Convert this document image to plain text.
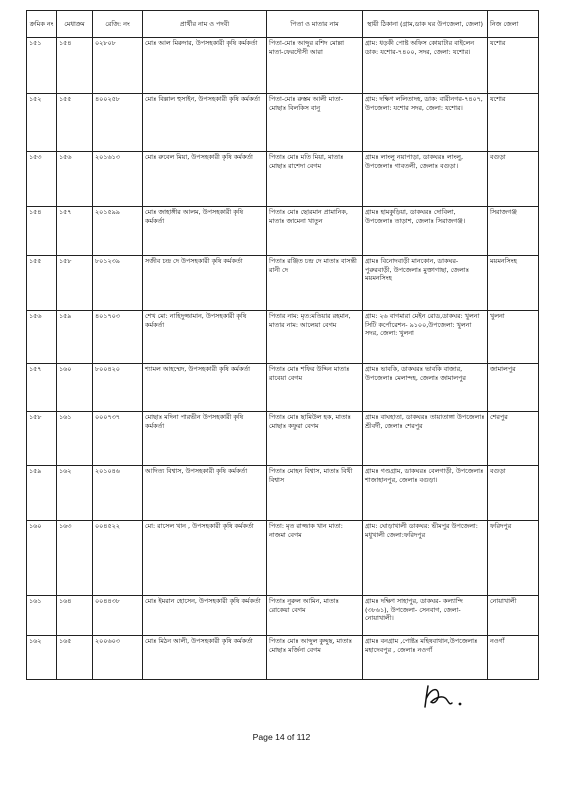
ক্রমিক নং	মেধাক্রম	রেজি: নং	প্রার্থীর নাম ও পদবী	পিতা ও মাতার নাম	স্থায়ী ঠিকানা (গ্রাম,ডাক ঘর উপজেলা, জেলা)	নিজ জেলা
১৫১	১৫৪	০২৮০৮	মোঃ আল মিরুদার, উপসহকারী কৃষি কর্মকর্তা	পিতা-মোঃ আব্দুর রশিদ মোল্লা মাতা-ফেরদৌসী আরা	গ্রাম: ধড়কী পোষ্ট অফিস কোয়াটার বাইলেন ডাক: যশোর-৭৪০০, সদর, জেলা: যশোর।	যশোর
১৫২	১৫৫	৪০০২৫৮	মোঃ বিল্লাল হুসাইন, উপসহকারী কৃষি কর্মকর্তা	পিতা-মোঃ রুস্তম আলী মাতা-মোছাঃ বিলকিস বানু	গ্রাম: দক্ষিণ ললিতাদহ, ডাক: বারীনগর-৭৪০৭, উপজেলা: যশোর সদর, জেলা: যশোর।	যশোর
১৫৩	১৫৬	২০১৬১৩	মোঃ রুবেল মিয়া, উপসহকারী কৃষি কর্মকর্তা	পিতাঃ মোঃ মতি মিয়া, মাতাঃ মোছাঃ রাশেদা বেগম	গ্রামঃ লাংলু নয়াপাড়া, ডাকঘরঃ লাংলু, উপজেলাঃ গাবতলী, জেলাঃ বগুড়া।	বগুড়া
১৫৪	১৫৭	২০১৫৯৯	মোঃ জাহাঙ্গীর আলম, উপসহকারী কৃষি কর্মকর্তা	পিতাঃ মোঃ ছোরমান প্রামানিক, মাতাঃ জামেনা খাতুন	গ্রামঃ হামকুড়িয়া, ডাকঘরঃ দোবিলা, উপজেলাঃ তাড়াশ, জেলাঃ সিরাজগঞ্জ।	সিরাজগঞ্জ
১৫৫	১৫৮	৮০১২৩৯	সজীব চন্দ্র দে উপসহকারী কৃষি কর্মকর্তা	পিতাঃ রঞ্জিত চন্দ্র দে মাতাঃ বাসন্তী রানী দে	গ্রামঃ বিনোদবাড়ী মানকোন, ডাকঘর- পুরুরবাড়ী, উপজেলাঃ মুক্তাগাছা, জেলাঃ ময়মনসিংহ	ময়মনসিংহ
১৫৬	১৫৯	৪০১৭০৩	শেখ মো: নাহিদুজ্জামান, উপসহকারী কৃষি কর্মকর্তা	পিতার নাম: মৃত:মতিয়ার রহমান, মাতার নাম: আলেয়া বেগম	গ্রাম: ২৬ বাগমারা মেইন রোড,ডাকঘর: খুলনা সিটি কর্পোরেশন- ৯১০০,উপজেলা: খুলনা সদর, জেলা: খুলনা	খুলনা
১৫৭	১৬০	৮০০৪২০	শ্যামল আহম্মেদ, উপসহকারী কৃষি কর্মকর্তা	পিতাঃ মোঃ শফির উদ্দিন মাতাঃ রাবেয়া বেগম	গ্রামঃ ভাবকি, ডাকঘরঃ ভাবকি বাজার, উপজেলাঃ মেলান্দহ, জেলাঃ জামালপুর	জামালপুর
১৫৮	১৬১	০০০৭৩৭	মোছাঃ মদিনা পারভীন উপসহকারী কৃষি কর্মকর্তা	পিতাঃ মোঃ ছামিউল হক, মাতাঃ মোছাঃ কফুরা বেগম	গ্রামঃ বাঘহাতা, ডাকঘরঃ তায়াতাঙ্গা উপজেলাঃ শ্রীবর্দী, জেলাঃ শেরপুর	শেরপুর
১৫৯	১৬২	২০১০৪৬	আদিত্য বিশ্বাস, উপসহকারী কৃষি কর্মকর্তা	পিতাঃ মোহন বিশ্বাস, মাতাঃ বিথী বিশ্বাস	গ্রামঃ গণ্ডগ্রাম, ডাকঘরঃ বেলগাড়ী, উপজেলাঃ শাজাহানপুর, জেলাঃ বগুড়া।	বগুড়া
১৬০	১৬৩	০০৪৫২২	মো: রাসেল খান , উপসহকারী কৃষি কর্মকর্তা	পিতা: মৃত রাজ্জাক খান মাতা: নাজমা বেগম	গ্রাম: ঘোড়াখালী ডাকঘর: ভীমপুর উপজেলা: মধুখালী জেলা:ফরিদপুর	ফরিদপুর
১৬১	১৬৪	০০৪৪৩৮	মোঃ ইমরান হোসেন, উপসহকারী কৃষি কর্মকর্তা	পিতাঃ নুরুল আমিন, মাতাঃ রোকেয়া বেগম	গ্রামঃ দক্ষিণ সাহাপুর, ডাকঘর- কল্যান্দি (৩৮৬১), উপজেলা- সেনবাগ, জেলা- নোয়াখালী।	নোয়াখালী
১৬২	১৬৫	২০০৬০৩	মোঃ মিঠন আলী, উপসহকারী কৃষি কর্মকর্তা	পিতাঃ মোঃ আব্দুল কুদ্দুছ, মাতাঃ মোছাঃ মর্জিনা বেগম	গ্রামঃ বনগ্রাম ,পোষ্টঃ মহিষবাথান,উপজেলাঃ মহাদেবপুর , জেলাঃ নওগাঁ	নওগাঁ
Page 14 of 112
